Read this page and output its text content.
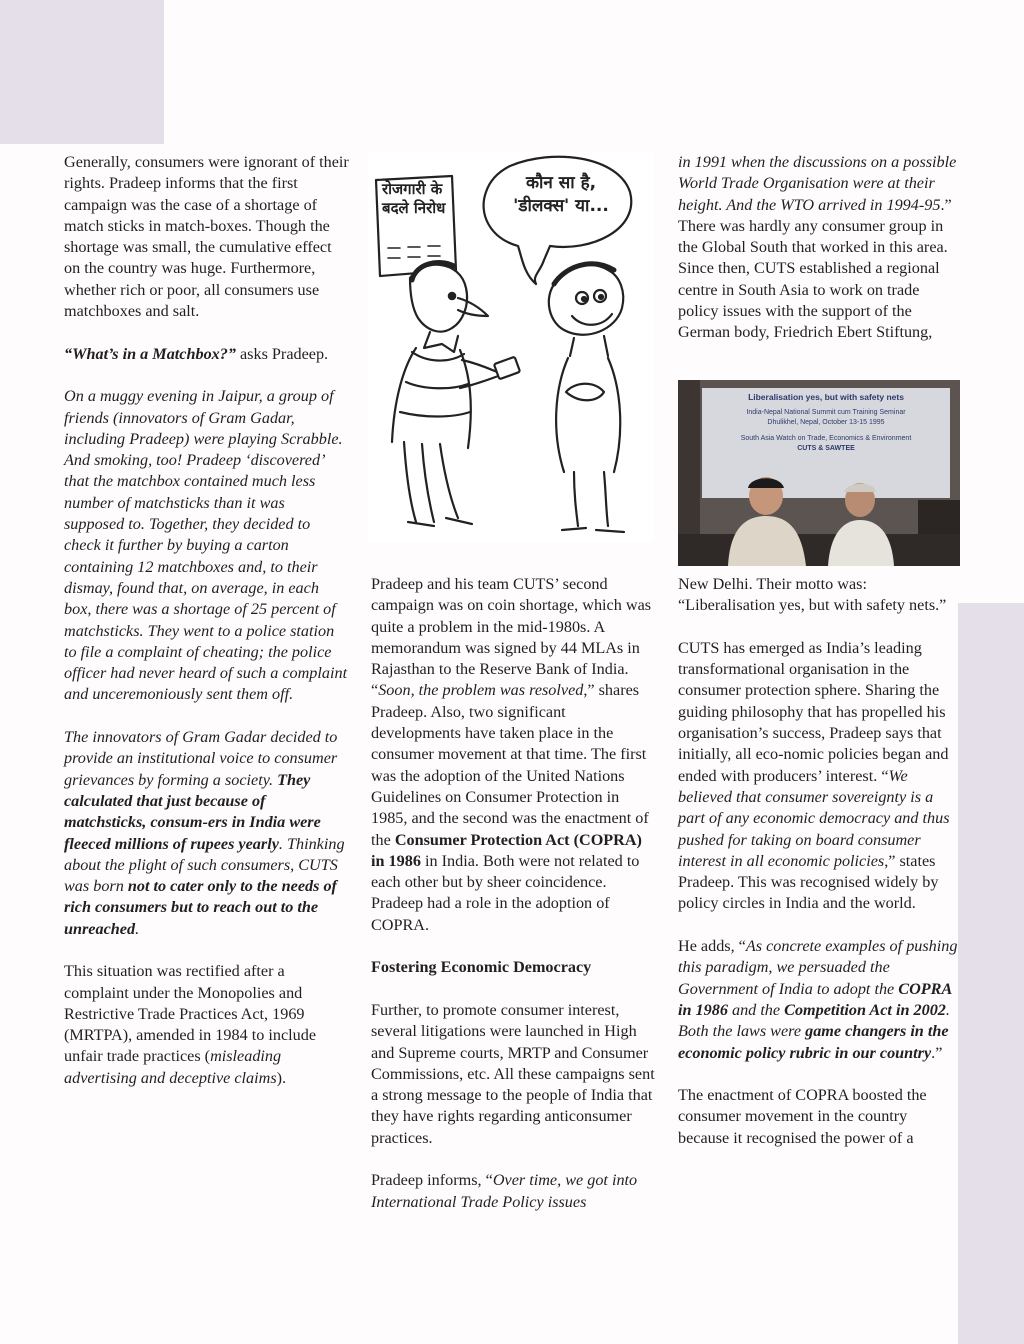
Generally, consumers were ignorant of their rights. Pradeep informs that the first campaign was the case of a shortage of match sticks in match-boxes. Though the shortage was small, the cumulative effect on the country was huge. Furthermore, whether rich or poor, all consumers use matchboxes and salt.

“What’s in a Matchbox?” asks Pradeep.

On a muggy evening in Jaipur, a group of friends (innovators of Gram Gadar, including Pradeep) were playing Scrabble. And smoking, too! Pradeep ‘discovered’ that the matchbox contained much less number of matchsticks than it was supposed to. Together, they decided to check it further by buying a carton containing 12 matchboxes and, to their dismay, found that, on average, in each box, there was a shortage of 25 percent of matchsticks. They went to a police station to file a complaint of cheating; the police officer had never heard of such a complaint and unceremoniously sent them off.

The innovators of Gram Gadar decided to provide an institutional voice to consumer grievances by forming a society. They calculated that just because of matchsticks, consum-ers in India were fleeced millions of rupees yearly. Thinking about the plight of such consumers, CUTS was born not to cater only to the needs of rich consumers but to reach out to the unreached.

This situation was rectified after a complaint under the Monopolies and Restrictive Trade Practices Act, 1969 (MRTPA), amended in 1984 to include unfair trade practices (misleading advertising and deceptive claims).

रोजगारी के
बदले निरोध
कौन सा है,
'डीलक्स' या...
Liberalisation yes, but with safety nets
India-Nepal National Summit cum Training Seminar
Dhulikhel, Nepal, October 13-15 1995
South Asia Watch on Trade, Economics & Environment
CUTS & SAWTEE

Pradeep and his team CUTS’ second campaign was on coin shortage, which was quite a problem in the mid-1980s. A memorandum was signed by 44 MLAs in Rajasthan to the Reserve Bank of India. “Soon, the problem was resolved,” shares Pradeep. Also, two significant developments have taken place in the consumer movement at that time. The first was the adoption of the United Nations Guidelines on Consumer Protection in 1985, and the second was the enactment of the Consumer Protection Act (COPRA) in 1986 in India. Both were not related to each other but by sheer coincidence. Pradeep had a role in the adoption of COPRA.

Fostering Economic Democracy

Further, to promote consumer interest, several litigations were launched in High and Supreme courts, MRTP and Consumer Commissions, etc. All these campaigns sent a strong message to the people of India that they have rights regarding anticonsumer practices.

Pradeep informs, “Over time, we got into International Trade Policy issues

in 1991 when the discussions on a possible World Trade Organisation were at their height. And the WTO arrived in 1994-95.” There was hardly any consumer group in the Global South that worked in this area. Since then, CUTS established a regional centre in South Asia to work on trade policy issues with the support of the German body, Friedrich Ebert Stiftung,

New Delhi. Their motto was: “Liberalisation yes, but with safety nets.”

CUTS has emerged as India’s leading transformational organisation in the consumer protection sphere. Sharing the guiding philosophy that has propelled his organisation’s success, Pradeep says that initially, all eco-nomic policies began and ended with producers’ interest. “We believed that consumer sovereignty is a part of any economic democracy and thus pushed for taking on board consumer interest in all economic policies,” states Pradeep. This was recognised widely by policy circles in India and the world.

He adds, “As concrete examples of pushing this paradigm, we persuaded the Government of India to adopt the COPRA in 1986 and the Competition Act in 2002. Both the laws were game changers in the economic policy rubric in our country.”

The enactment of COPRA boosted the consumer movement in the country because it recognised the power of a
